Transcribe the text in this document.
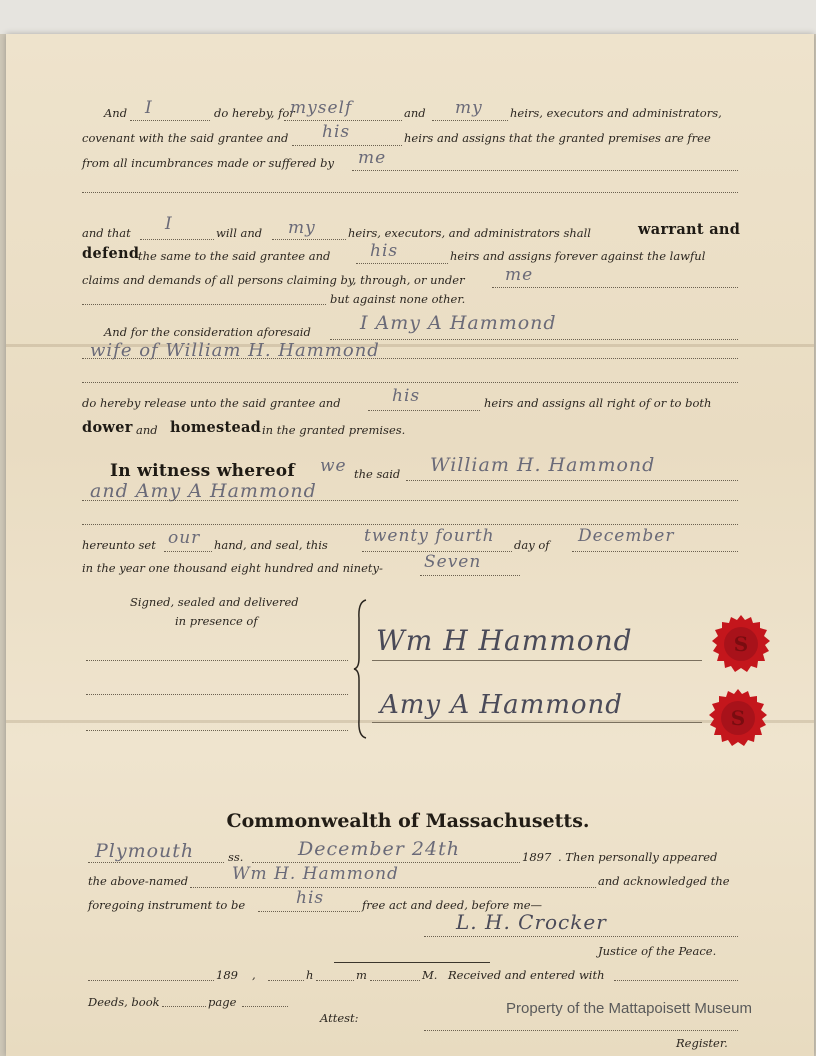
And I	do hereby, for
myself	and my heirs, executors and administrators,
covenant with the said grantee and his	heirs and assigns that the granted premises are free
from all incumbrances made or suffered by me
and that I	will and my	heirs, executors, and administrators shall	warrant and
defend
the same to the said grantee and his	heirs and assigns forever against the lawful
claims and demands of all persons claiming by, through, or under me
but against none other.
And for the consideration aforesaid	I Amy A Hammond
wife of William H. Hammond
do hereby release unto the said grantee and	his	heirs and assigns all right of or to both
dower and homestead in the granted premises.
In witness whereof we the said William H. Hammond
and Amy A Hammond
hereunto set our hand, and seal, this twenty fourth day of December
in the year one thousand eight hundred and ninety- Seven
Signed, sealed and delivered
in presence of
Wm H Hammond
Amy A Hammond
S
S
Commonwealth of Massachusetts.
Plymouth	ss.	December 24th	1897 . Then personally appeared
the above-named	Wm H. Hammond	and acknowledged the
foregoing instrument to be	his	free act and deed, before me—
L. H. Crocker
Justice of the Peace.
189 ,	h	m	M. Received and entered with
Deeds, book	page
Attest:
Register.
Property of the Mattapoisett Museum
